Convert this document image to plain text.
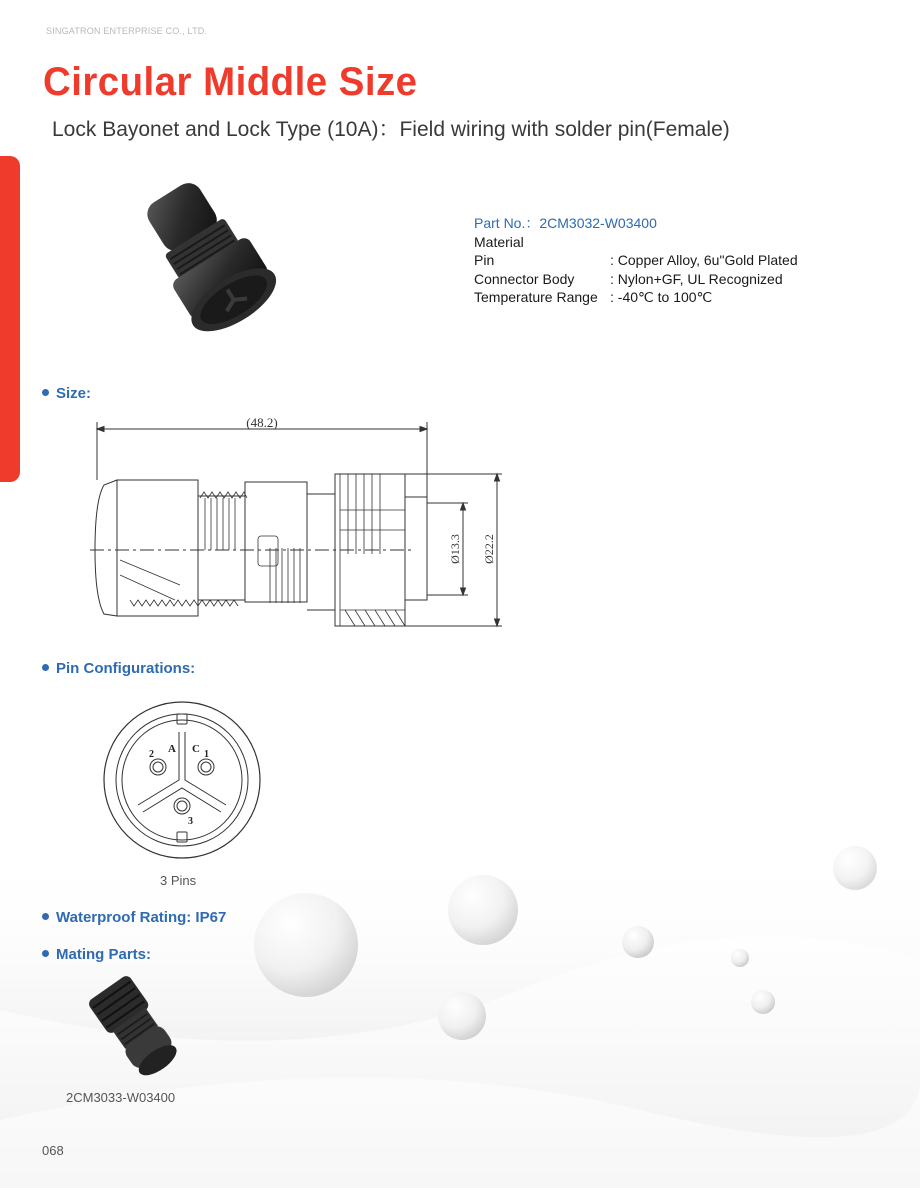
SINGATRON ENTERPRISE CO., LTD.
Circular Middle Size
Lock Bayonet and Lock Type (10A)：Field wiring with solder pin(Female)
Part No.：2CM3032-W03400
Material
Pin	: Copper Alloy, 6u"Gold Plated
Connector Body	: Nylon+GF, UL Recognized
Temperature Range : -40℃ to 100℃
Size:
(48.2)
Ø13.3 Ø22.2
Pin Configurations:
A C
2	1
3
3 Pins
Waterproof Rating: IP67
Mating Parts:
2CM3033-W03400
068
